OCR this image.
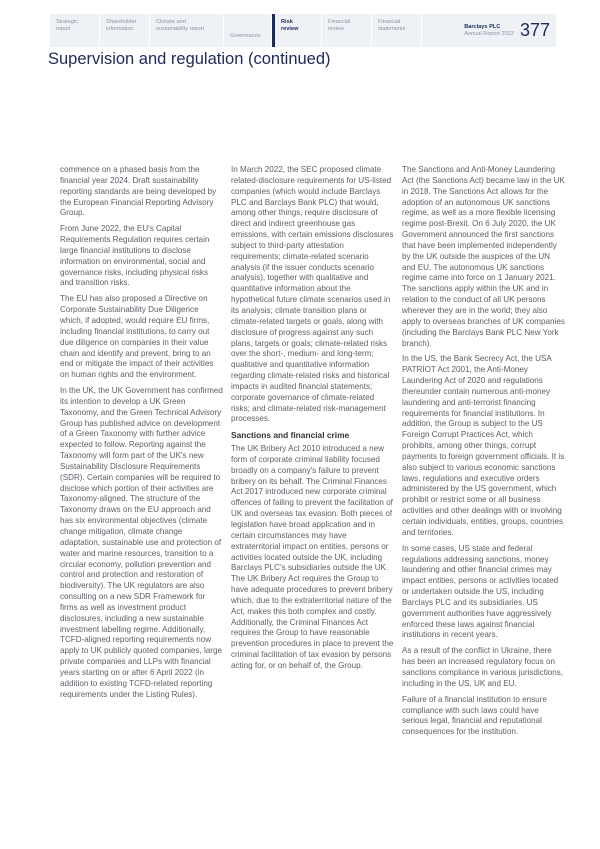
Strategic
report
Shareholder
information
Climate and
sustainability report
Governance
Risk
review
Financial
review
Financial
statements	Barclays PLC
Annual Report 2022 377
Supervision and regulation (continued)

commence on a phased basis from the financial year 2024. Draft sustainability reporting standards are being developed by the European Financial Reporting Advisory Group.

From June 2022, the EU's Capital Requirements Regulation requires certain large financial institutions to disclose information on environmental, social and governance risks, including physical risks and transition risks.

The EU has also proposed a Directive on Corporate Sustainability Due Diligence which, if adopted, would require EU firms, including financial institutions, to carry out due diligence on companies in their value chain and identify and prevent, bring to an end or mitigate the impact of their activities on human rights and the environment.

In the UK, the UK Government has confirmed its intention to develop a UK Green Taxonomy, and the Green Technical Advisory Group has published advice on development of a Green Taxonomy with further advice expected to follow. Reporting against the Taxonomy will form part of the UK's new Sustainability Disclosure Requirements (SDR). Certain companies will be required to disclose which portion of their activities are Taxonomy-aligned. The structure of the Taxonomy draws on the EU approach and has six environmental objectives (climate change mitigation, climate change adaptation, sustainable use and protection of water and marine resources, transition to a circular economy, pollution prevention and control and protection and restoration of biodiversity). The UK regulators are also consulting on a new SDR Framework for firms as well as investment product disclosures, including a new sustainable investment labelling regime. Additionally, TCFD-aligned reporting requirements now apply to UK publicly quoted companies, large private companies and LLPs with financial years starting on or after 6 April 2022 (in addition to existing TCFD-related reporting requirements under the Listing Rules).

In March 2022, the SEC proposed climate related-disclosure requirements for US-listed companies (which would include Barclays PLC and Barclays Bank PLC) that would, among other things, require disclosure of direct and indirect greenhouse gas emissions, with certain emissions disclosures subject to third-party attestation requirements; climate-related scenario analysis (if the issuer conducts scenario analysis), together with qualitative and quantitative information about the hypothetical future climate scenarios used in its analysis; climate transition plans or climate-related targets or goals, along with disclosure of progress against any such plans, targets or goals; climate-related risks over the short-, medium- and long-term; qualitative and quantitative information regarding climate-related risks and historical impacts in audited financial statements; corporate governance of climate-related risks; and climate-related risk-management processes.

Sanctions and financial crime

The UK Bribery Act 2010 introduced a new form of corporate criminal liability focused broadly on a company's failure to prevent bribery on its behalf. The Criminal Finances Act 2017 introduced new corporate criminal offences of failing to prevent the facilitation of UK and overseas tax evasion. Both pieces of legislation have broad application and in certain circumstances may have extraterritorial impact on entities, persons or activities located outside the UK, including Barclays PLC's subsidiaries outside the UK. The UK Bribery Act requires the Group to have adequate procedures to prevent bribery which, due to the extraterritorial nature of the Act, makes this both complex and costly. Additionally, the Criminal Finances Act requires the Group to have reasonable prevention procedures in place to prevent the criminal facilitation of tax evasion by persons acting for, or on behalf of, the Group.

The Sanctions and Anti-Money Laundering Act (the Sanctions Act) became law in the UK in 2018. The Sanctions Act allows for the adoption of an autonomous UK sanctions regime, as well as a more flexible licensing regime post-Brexit. On 6 July 2020, the UK Government announced the first sanctions that have been implemented independently by the UK outside the auspices of the UN and EU. The autonomous UK sanctions regime came into force on 1 January 2021. The sanctions apply within the UK and in relation to the conduct of all UK persons wherever they are in the world; they also apply to overseas branches of UK companies (including the Barclays Bank PLC New York branch).

In the US, the Bank Secrecy Act, the USA PATRIOT Act 2001, the Anti-Money Laundering Act of 2020 and regulations thereunder contain numerous anti-money laundering and anti-terrorist financing requirements for financial institutions. In addition, the Group is subject to the US Foreign Corrupt Practices Act, which prohibits, among other things, corrupt payments to foreign government officials. It is also subject to various economic sanctions laws, regulations and executive orders administered by the US government, which prohibit or restrict some or all business activities and other dealings with or involving certain individuals, entities, groups, countries and territories.

In some cases, US state and federal regulations addressing sanctions, money laundering and other financial crimes may impact entities, persons or activities located or undertaken outside the US, including Barclays PLC and its subsidiaries. US government authorities have aggressively enforced these laws against financial institutions in recent years.

As a result of the conflict in Ukraine, there has been an increased regulatory focus on sanctions compliance in various jurisdictions, including in the US, UK and EU.

Failure of a financial institution to ensure compliance with such laws could have serious legal, financial and reputational consequences for the institution.
